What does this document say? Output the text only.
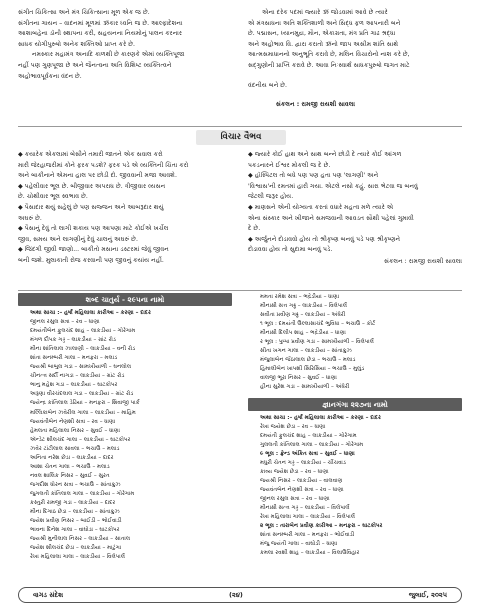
સંગીત ચિકિત્સા અને મંત્ર ચિકિત્સાના મૂળ એક જ છે.

સંગીતના ગાયન – વાદનમાં મૂળમાં ૐકાર ધ્વનિ જ છે. આલ્ફાદેશના

આશાબહેના ડૉની સ્થાપના કરી, સહયનના નિયમોનું પાલન કરનાર

સાધક યોગીપુરુષો અનેક શક્તિઓ પ્રાપ્ત કરે છે.

નમસ્કાર મહામંત્ર અનાદિ કાળથી છે કારણકે એમાં વ્યક્તિપૂજા

નહીં પણ ગુણપૂજા છે અને જૈનત્વના અતિ વિશિષ્ટ વ્યક્તિત્વને

અહોભાવપૂર્વકના વંદન છે.

એના દરેક પદમાં જ્યારે ૐ જોડવામાં આવે છે ત્યારે

એ મંત્રસાધના અતિ શક્તિશાળી અને સિદ્ધ ફળ આપનારી બને

છે. પદ્માસન, ધ્યાનમુદ્રા, મૌન, એકાગ્રતા, મંત્ર પ્રતિ ગાઢ શ્રદ્ધા

અને અહોભાવ વિ. દ્વારા કરાતો ૐનો જાપ અસીમ શાંતિ સાથે

આત્મસમાધાનનો અનુભૂતિ કરાવે છે, મલિન વિચારોનો નાશ કરે છે,

સદ્ગુણોની પ્રાપ્તિ કરાવે છે. આવા નિઃસ્વાર્થ સાધકપુરુષો જગત માટે

વંદનીય બને છે.

સંકલન : રામજી રાયશી સાવલા

વિચાર વૈભવ

◆ કયારેક એકલામાં બેસીને તમારી જાતને એક સવાલ કરો

મારી જેરહાજરીમાં કોને ફરક પડશે? ફરક પડે એ વ્યક્તિની ચિંતા કરો

અને બાકીનાને એમના હાલ પર છોડી દો. જીવવાની મજા આવશે.

◆ પહેલીવાર ભૂલ છે. બીજીવાર અપરાધ છે. ત્રીજીવાર વ્યસન

છે. ચોથીવાર ભૂલ સ્વભાવ છે.

◆ પૈસાદાર થયું સહેલું છે પણ સજ્જન અને આબરૂદાર થયું

અઘરું છે.

◆ પૈસાનું દેવું તો લાગી શકાય પણ આપણા માટે કોઈએ ખર્ચેલ

જીવ, સમય અને લાગણીનું દેવું ચાલનું અઘરું છે.

◆ જિંદગી જીવી જાણો... બાકીતો મસાના ડસ્ટરમાં જેવું જીવન

બની જશે. મુલાકાતી રોજ કરવાની પણ જીવનું કયાંય નહીં.

◆ જ્યારે કોઈ હાથ અને સાથ બન્ને છોડી દે ત્યારે કોઈ આંગળ

પકડનારને ઈશ્વર મોકલી જ દે છે.

◆ હૉસ્પિટલ તો બધે પણ પણ હતા પણ 'લાગણી' અને

'વિશ્વાસ'ની રમતમાં હારી ગયા. એટલે નસો કહું. સારા ભેટવા જ બનવું

જેટલી જરૂર હોય.

◆ માણસને એની યોગ્યતા કરતાં વધારે મહત્વ મળે ત્યારે એ

એના સંસ્કાર અને ખીજાને સમજવાની આવડત સૌથી પહેલાં ગુમાવી

દે છે.

◆ અર્જુનને દોડાવવો હોય તો શ્રીકૃષ્ણ બનવું પડે પણ શ્રીકૃષ્ણને

દોડાવવા હોય તો સુદામા બનવું પડે.

સંકલન : રામજી રાયશી સાવલા

શબ્દ ચાતુર્ય - ૨૯૫ના નામો

અથા સાચા :– હર્ષાં મહિલાલા કારીઆ – કરણા – દાદર

જીનલ રસુલ સત્રા – રવ – ધાણા

દમયંતીબેન ફુલચંદ શાહ – લાકડીયા – ગોરેગામ

મંગળ દીપક ગડ્ડ – લાકડીયા – ગ્રાંટ રોડ

મીના શાંતિલાલ ઝાલાણી – લાકડીયા – વની રોડ

શાંતા સનમ્બરી ગાલા – મનફરા – મલાડ

જયશ્રી બાબુલ ગડા – સામખીયાળી – ઘનલોલ

ચીનત્ત્ત સર્દી નાગડા – લાકડીયા – ગ્રાંટ રોડ

ભાનુ મહેશ ગડા – લાકડીયા – ઘાટકોપર

અરૂણા વીરચંદલાલ ગડા – લાકડીયા – ગ્રાંટ રોડ

જયેન્દ્ર કાંતિલાલ ડેઢિયા – મનફરા – શિવાજી પાર્ક

મલ્લિકાબેન ઝવેરીલ ગાલા – લાકડીયા – માહિમ

જયવંતીબેન નેણશી સત્રા – રવ – ધાણા

હેમલતા મહિલાલા નિસર – સુવઈ – ધાણા

ઍન્ડેટ શીલચંદ ગાલા – લાકડીયા – ઘાટકોપર

ઝવેર ટાંટીલાલ સાવલા – ભચાઉ – મલાડ

અનિતા નરેશ છેડા – લાકડીયા – દાદર

આશા ચેતન ગાલા – ભચાઉ – મલાડ

નવલ શાલિક નિસર – સુવઈ – સુરત

જગદીશ ધોરન સત્રા – ભચાઉ – સાંતાક્રુઝ

જુગલતી કાંતિલાલ ગાલા – લાકડીયા – ગોરેગામ

કસ્તુરી રામજી ગડા – લાકડીયા – દાદર

મીના દિગાઠ છેડા – લાકડીયા – સાંતાક્રુઝ

જયેશ પ્રવીણ નિસર – બાઈડી – ભોઈવાડી

ભાવના દિનેશ ગાલા – વાઘોડા – ઘાટકોપર

જયશ્રી મુનીલાલ નિસર – લાકડીયા – સાતાલ

જયેશ શીલચંદ છેડા – લાકડીયા – માટુંગા

રેખા મહિલાલા ગાલા – લાકડીયા – વિલેપાર્લે

મમતા રમેશ સત્રા – ભદ્રેડીયા – ધાણા

મીનાક્ષી સત્ત ગઢ્ઢ – લાકડીયા – વિલેપાર્લે

સવીતા પ્રવીણ ગઢ્ઢ – લાકડીયા – અંધેરી

૧ ભૂલ : દમયંતી ઉલ્લાસાચંદે ભુવિધા – ભચાઉ – કોર્ટ

મીનાક્ષી દિલીપ શાહ – ભદ્રેડીયા – ધાણા

ર ભૂલ : પુષ્પા પ્રવીણ ગડા – સામખીયાળી – વિલેપાર્લે

સીતા ખગન ગાલા – લાકડીયા – સાંતાક્રુઝ

મંજુલાબેન જેંઠાલાલ છેડા – ભચાઉ – મલાડ

હિમાલીબેન ખાપશી સિરિસિયા – ભચાઉ – મુલુંડ

વાલજી ભૂરા નિસર – સુવઈ – ધાણા

હીના સુરેશ ગડા – સામખીયાળી – અંધેરી

જ્ઞાનગંગા ૨૨૭ના નામો

અથા સાચા :– હર્ષાં મહિલાલા કારીઆ – કરણા – દાદર

રેખા જયેશ છેડા – રવ – ધાણા

દમયંતી ફુલચંદ શાહ – લાકડીયા – ગોરેગામ

ગુલલતી કાંતિલાલ ગાલા – લાકડીયા – ગોરેગામ

૯ ભૂલ : ફ્રેન્ડ અંકિત સત્રા – સુવઈ – ધાણા

મધુરી ચેતન ગડ્ડ – લાકડીયા – ચીંચવાડ

કાવ્ય જયેશ છેડા – રવ – ધાણા

જયશ્રી નિસર – લાકડીયા – વાલવાણ

જયવંતબેન નેણશી સત્રા – રવ – ધાણા

જીનલ રસુલ સત્રા – રવ – ધાણા

મીનાક્ષી સત્ત્ત ગડ્ડ – લાકડીયા – વિલેપાર્લે

રેખા મહિલાલા ગાલા – લાકડીયા – વિલેપાર્લે

૨ ભૂલ : તારાબેન પ્રવીણ કારીઆ – મનફરા – ઘાટકોપર

શાંતા સનમ્બરી ગાલા – મનફરા – ભોઈવાડી

મંજુ જયંતી ગાલા – વાઘોડી – ધાણા

કમલા રવશી શાહ – લાકડીયા – વિલાઉવિહાર

વાગડ સંદેશ	(૨૪)	જુલાઈ, ૨૦૨૫
